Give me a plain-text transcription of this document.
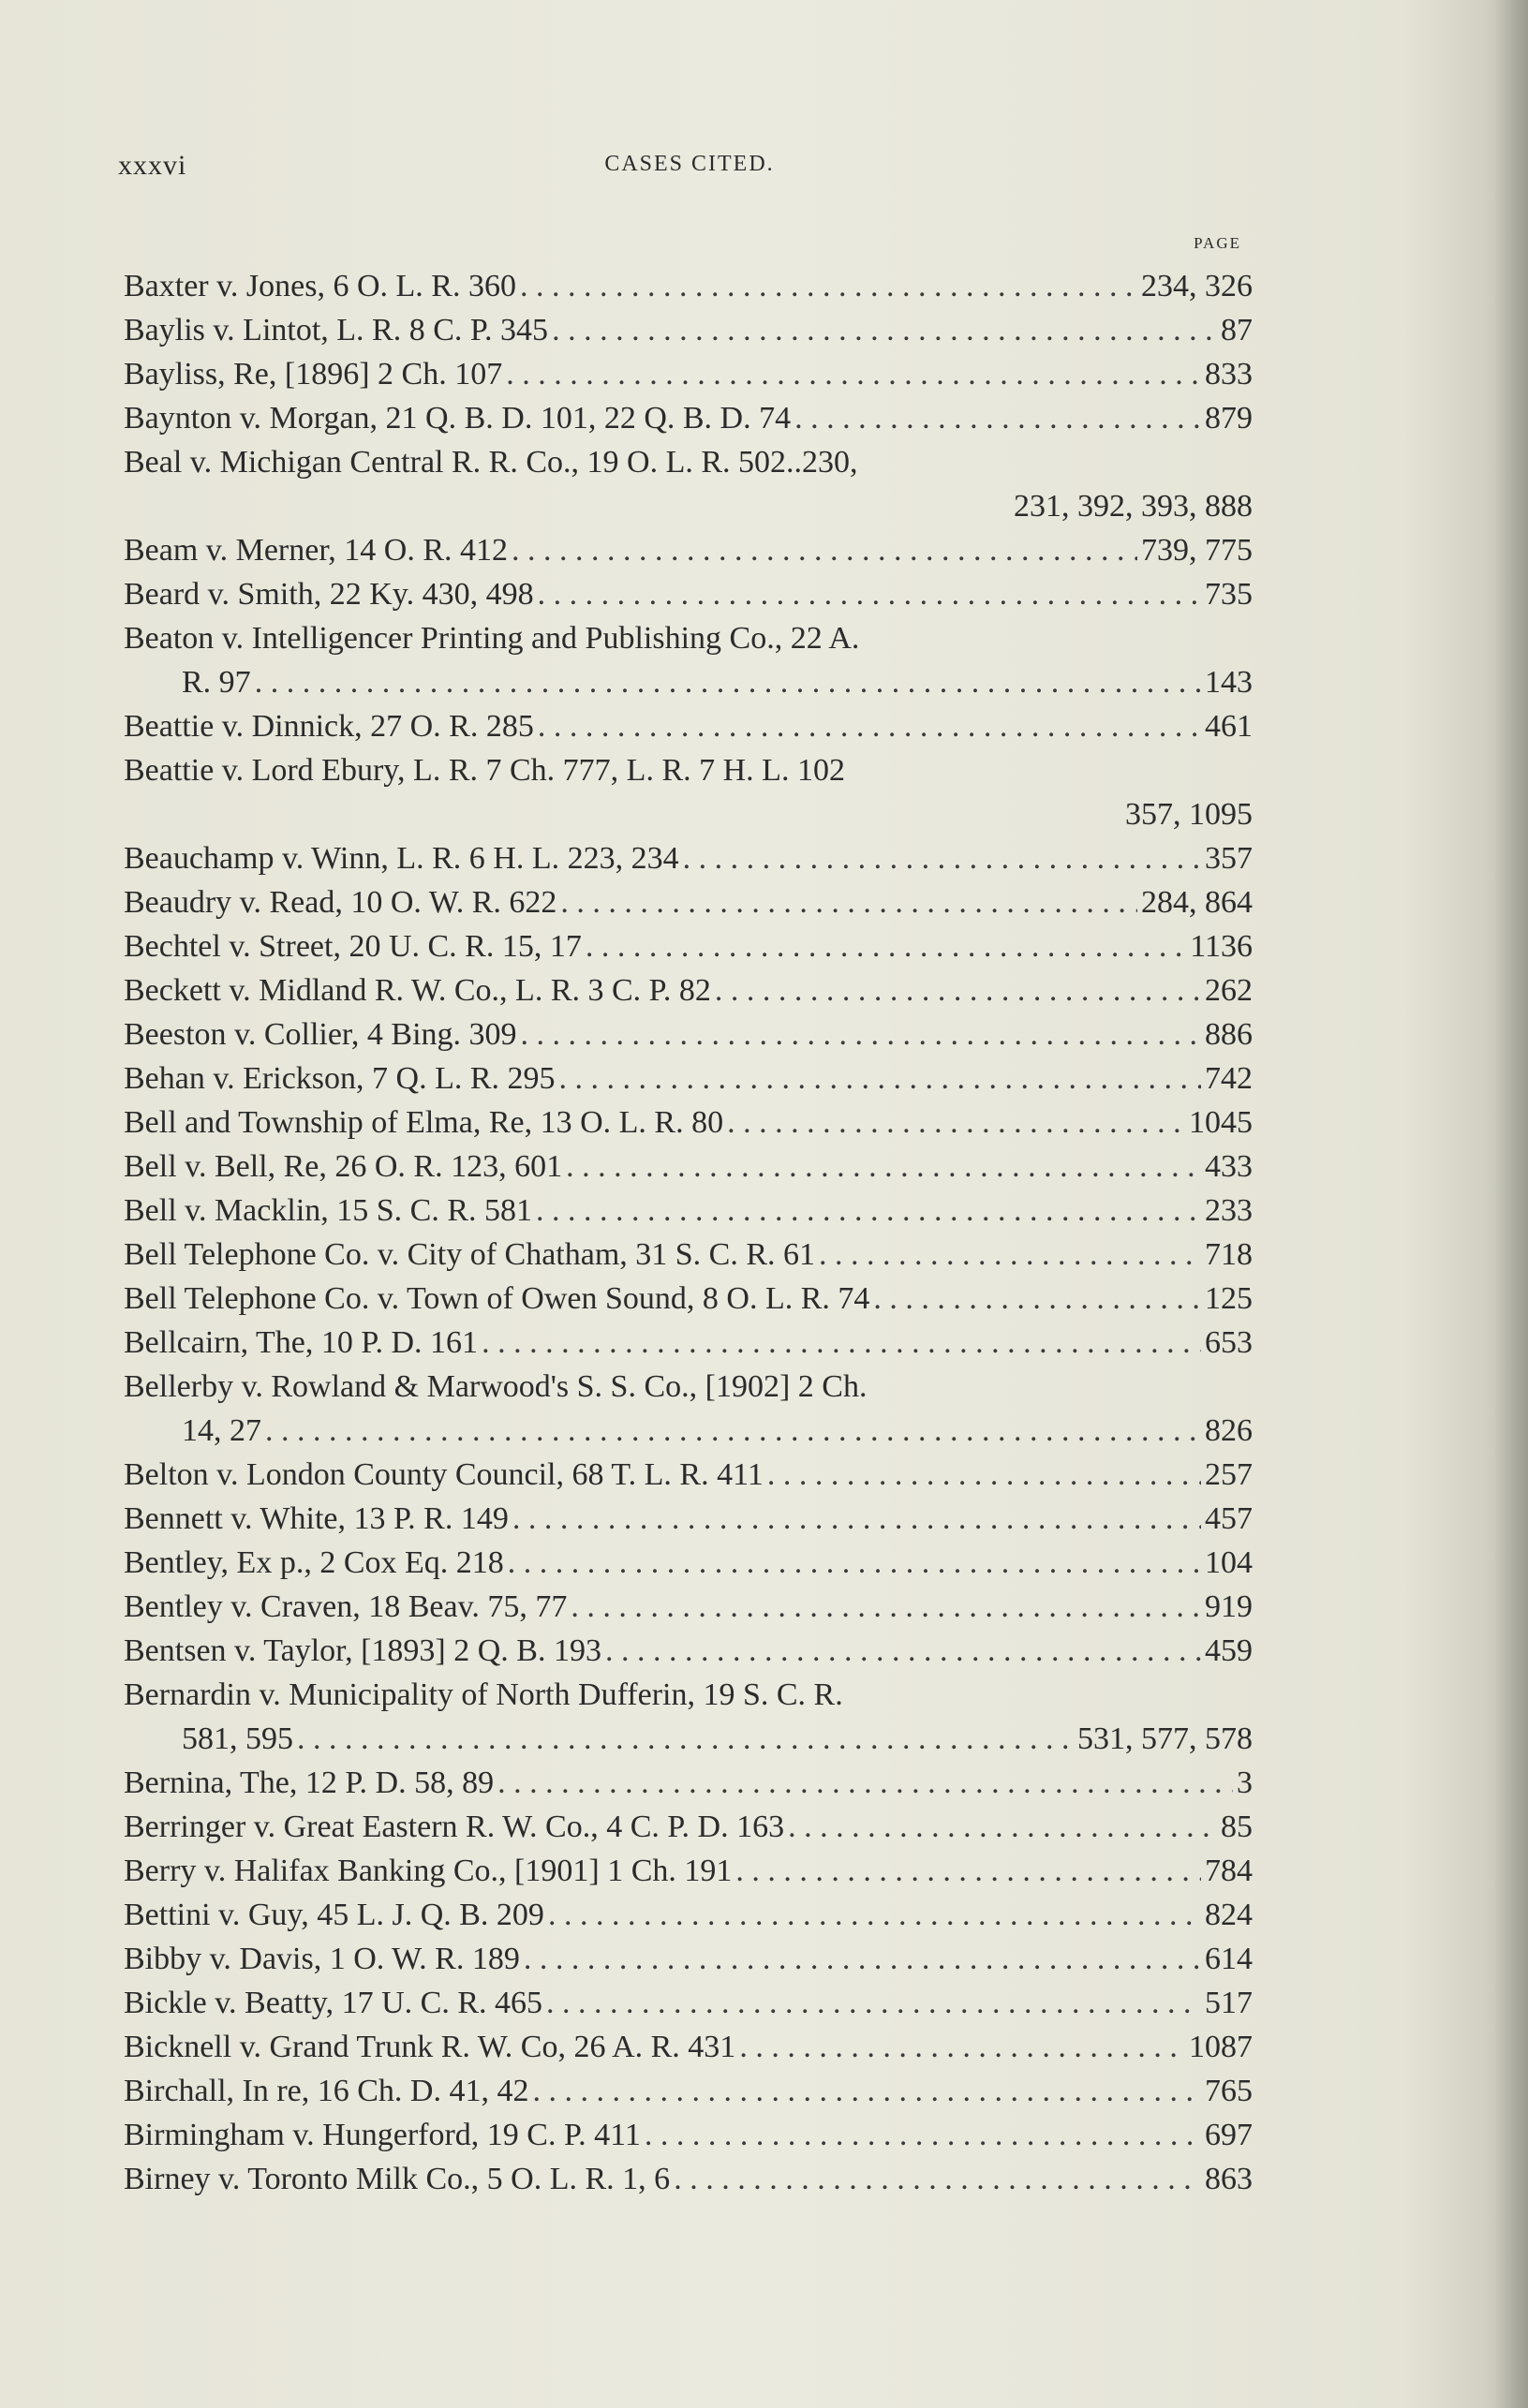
xxxvi	CASES CITED.
PAGE
Baxter v. Jones, 6 O. L. R. 360 . . .	234, 326
Baylis v. Lintot, L. R. 8 C. P. 345 . . .	87
Bayliss, Re, [1896] 2 Ch. 107 . . .	833
Baynton v. Morgan, 21 Q. B. D. 101, 22 Q. B. D. 74 . . .	879
Beal v. Michigan Central R. R. Co., 19 O. L. R. 502..230,
231, 392, 393, 888
Beam v. Merner, 14 O. R. 412 . . .	739, 775
Beard v. Smith, 22 Ky. 430, 498 . . .	735
Beaton v. Intelligencer Printing and Publishing Co., 22 A.
R. 97 . . .	143
Beattie v. Dinnick, 27 O. R. 285 . . .	461
Beattie v. Lord Ebury, L. R. 7 Ch. 777, L. R. 7 H. L. 102
357, 1095
Beauchamp v. Winn, L. R. 6 H. L. 223, 234 . . .	357
Beaudry v. Read, 10 O. W. R. 622 . . .	284, 864
Bechtel v. Street, 20 U. C. R. 15, 17 . . .	1136
Beckett v. Midland R. W. Co., L. R. 3 C. P. 82 . . .	262
Beeston v. Collier, 4 Bing. 309 . . .	886
Behan v. Erickson, 7 Q. L. R. 295 . . .	742
Bell and Township of Elma, Re, 13 O. L. R. 80 . . .	1045
Bell v. Bell, Re, 26 O. R. 123, 601 . . .	433
Bell v. Macklin, 15 S. C. R. 581 . . .	233
Bell Telephone Co. v. City of Chatham, 31 S. C. R. 61 . . .	718
Bell Telephone Co. v. Town of Owen Sound, 8 O. L. R. 74 . . .	125
Bellcairn, The, 10 P. D. 161 . . .	653
Bellerby v. Rowland & Marwood's S. S. Co., [1902] 2 Ch.
14, 27 . . .	826
Belton v. London County Council, 68 T. L. R. 411 . . .	257
Bennett v. White, 13 P. R. 149 . . .	457
Bentley, Ex p., 2 Cox Eq. 218 . . .	104
Bentley v. Craven, 18 Beav. 75, 77 . . .	919
Bentsen v. Taylor, [1893] 2 Q. B. 193 . . .	459
Bernardin v. Municipality of North Dufferin, 19 S. C. R.
581, 595 . . .	531, 577, 578
Bernina, The, 12 P. D. 58, 89 . . .	3
Berringer v. Great Eastern R. W. Co., 4 C. P. D. 163 . . .	85
Berry v. Halifax Banking Co., [1901] 1 Ch. 191 . . .	784
Bettini v. Guy, 45 L. J. Q. B. 209 . . .	824
Bibby v. Davis, 1 O. W. R. 189 . . .	614
Bickle v. Beatty, 17 U. C. R. 465 . . .	517
Bicknell v. Grand Trunk R. W. Co, 26 A. R. 431 . . .	1087
Birchall, In re, 16 Ch. D. 41, 42 . . .	765
Birmingham v. Hungerford, 19 C. P. 411 . . .	697
Birney v. Toronto Milk Co., 5 O. L. R. 1, 6 . . .	863
